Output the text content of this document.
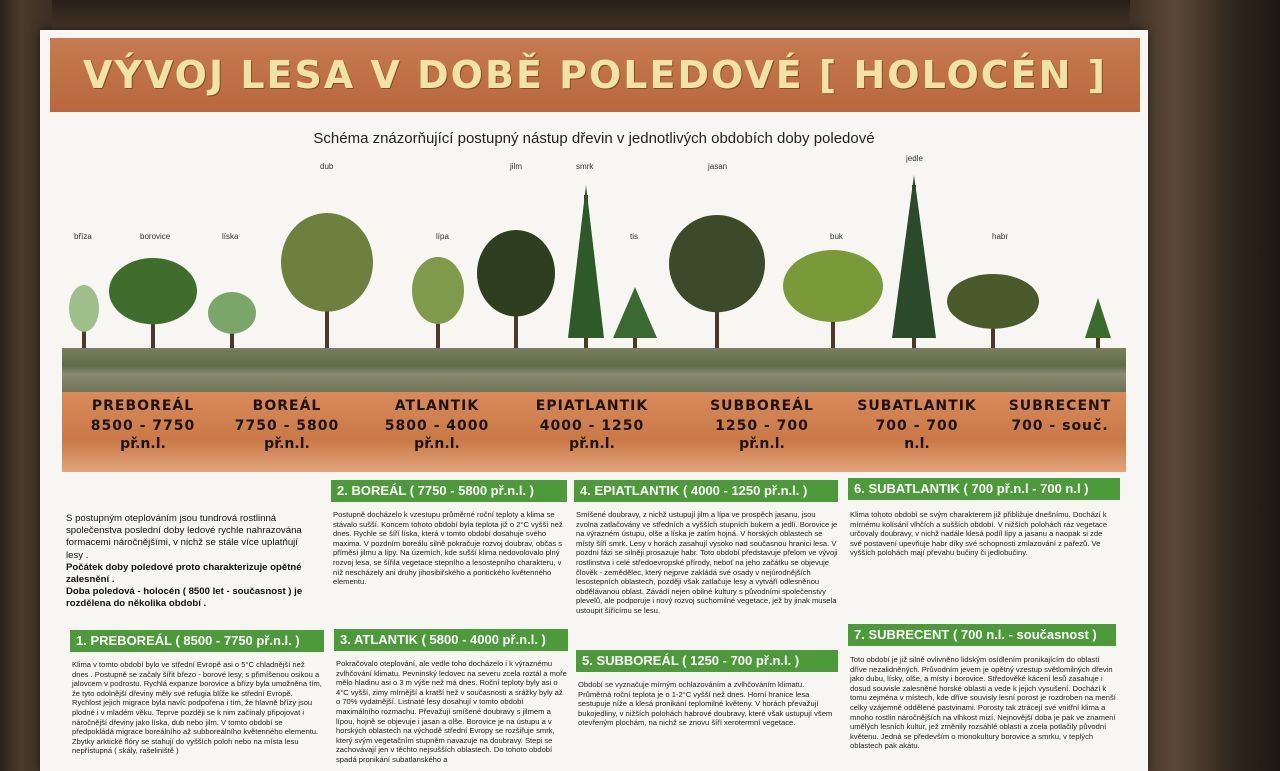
VÝVOJ LESA V DOBĚ POLEDOVÉ [ HOLOCÉN ]
Schéma znázorňující postupný nástup dřevin v jednotlivých obdobích doby poledové
bříza	borovice	líska
dub
lípa
jilm	smrk
tis
jasan
buk
jedle
habr
PREBOREÁL
8500 - 7750
př.n.l.
BOREÁL
7750 - 5800
př.n.l.
ATLANTIK
5800 - 4000
př.n.l.
EPIATLANTIK
4000 - 1250
př.n.l.
SUBBOREÁL
1250 - 700
př.n.l.
SUBATLANTIK
700 - 700
n.l.
SUBRECENT
700 - souč.
S postupným oteplováním jsou tundrová rostlinná společenstva poslední doby ledové rychle nahrazována formacemi náročnějšími, v nichž se stále více uplatňují lesy .
Počátek doby poledové proto charakterizuje opětné zalesnění .
Doba poledová - holocén ( 8500 let - současnost ) je rozdělena do několika období .
1. PREBOREÁL ( 8500 - 7750 př.n.l. )
Klima v tomto období bylo ve střední Evropě asi o 5°C chladnější než dnes . Postupně se začaly šířit březo - borové lesy, s přimíšenou osikou a jalovcem v podrostu. Rychlá expanze borovice a břízy byla umožněna tím, že tyto odolnější dřeviny měly své refugia blíže ke střední Evropě. Rychlost jejich migrace byla navíc podpořena i tím, že hlavně břízy jsou plodné i v mladém věku. Teprve později se k nim začínaly připojovat i náročnější dřeviny jako líska, dub nebo jilm. V tomto období se předpokládá migrace boreálního až subboreálního květenného elementu. Zbytky arktické flóry se stahují do vyšších poloh nebo na místa lesu nepřístupná ( skály, rašeliniště )
2. BOREÁL ( 7750 - 5800 př.n.l. )
Postupně docházelo k vzestupu průměrné roční teploty a klima se stávalo sušší. Koncem tohoto období byla teplota již o 2°C vyšší než dnes. Rychle se šíří líska, která v tomto období dosahuje svého maxima. V pozdním boreálu silně pokračuje rozvoj doubrav, občas s příměsí jilmu a lípy. Na územích, kde sušší klima nedovolovalo plný rozvoj lesa, se šířila vegetace stepního a lesostepního charakteru, v níž nescházely ani druhy jihosibiřského a pontického květenného elementu.
3. ATLANTIK ( 5800 - 4000 př.n.l. )
Pokračovalo oteplování, ale vedle toho docházelo i k výraznému zvlhčování klimatu. Pevninský ledovec na severu zcela roztál a moře mělo hladinu asi o 3 m výše než má dnes. Roční teploty byly asi o 4°C vyšší, zimy mírnější a kratší než v současnosti a srážky byly až o 70% vydatnější. Listnaté lesy dosahují v tomto období maximálního rozmachu. Převažují smíšené doubravy s jilmem a lípou, hojně se objevuje i jasan a olše. Borovice je na ústupu a v horských oblastech na východě střední Evropy se rozšiřuje smrk, který svým vegetačním stupněm navazuje na doubravy. Stepi se zachovávají jen v těchto nejsušších oblastech. Do tohoto období spadá pronikání subatlanského a
4. EPIATLANTIK ( 4000 - 1250 př.n.l. )
Smíšené doubravy, z nichž ustupují jilm a lípa ve prospěch jasanu, jsou zvolna zatlačovány ve středních a vyšších stupních bukem a jedlí. Borovice je na výrazném ústupu, olše a líska je zatím hojná. V horských oblastech se místy šíří smrk. Lesy v horách zasahují vysoko nad současnou hranici lesa. V pozdní fázi se silněji prosazuje habr. Toto období představuje přelom ve vývoji rostlinstva i celé středoevropské přírody, neboť na jeho začátku se objevuje člověk - zemědělec, který nejprve zakládá své osady v nejúrodnějších lesostepních oblastech, později však zatlačuje lesy a vytváří odlesněnou obdělávanou oblast. Závádí nejen obilné kultury s původními společenstvy plevelů, ale podporuje i nový rozvoj suchomilné vegetace, jež by jinak musela ustoupit šířícímu se lesu.
5. SUBBOREÁL ( 1250 - 700 př.n.l. )
Období se vyznačuje mírným ochlazováním a zvlhčováním klimatu. Průměrná roční teplota je o 1-2°C vyšší než dnes. Horní hranice lesa sestupuje níže a klesá pronikání teplomilné květeny. V horách převažují bukojedliny, v nižších polohách habrové doubravy, které však ustupují všem otevřeným plochám, na nichž se znovu šíří xerotermní vegetace.
6. SUBATLANTIK ( 700 př.n.l - 700 n.l )
Klima tohoto období se svým charakterem již přibližuje dnešnímu. Dochází k mírnému kolísání vlhčích a sušších období. V nižších polohách ráz vegetace určovaly doubravy, v nichž nadále klesá podíl lípy a jasanu a naopak si zde své postavení upevňuje habr díky své schopnosti zmlazování z pařezů. Ve vyšších polohách mají převahu bučiny či jedlobučiny.
7. SUBRECENT ( 700 n.l. - současnost )
Toto období je již silně ovlivněno lidským osídlením pronikajícím do oblastí dříve nezalidněných. Průvodním jevem je opětný vzestup světlomilných dřevin jako dubu, lísky, olše, a místy i borovice. Středověké kácení lesů zasahuje i dosud souvisle zalesněné horské oblasti a vede k jejich vysušení. Dochází k tomu zejména v místech, kde dříve souvisly lesní porost je rozdroben na menší celky vzájemně oddělené pastvinami. Porosty tak ztrácejí své vnitřní klima a mnoho rostlin náročnějších na vlhkost mizí. Nejnovější doba je pak ve znamení umělých lesních kultur, jež změnily rozsáhlé oblasti a zcela potlačily původní květenu. Jedná se především o monokultury borovice a smrku, v teplých oblastech pak akátu.
